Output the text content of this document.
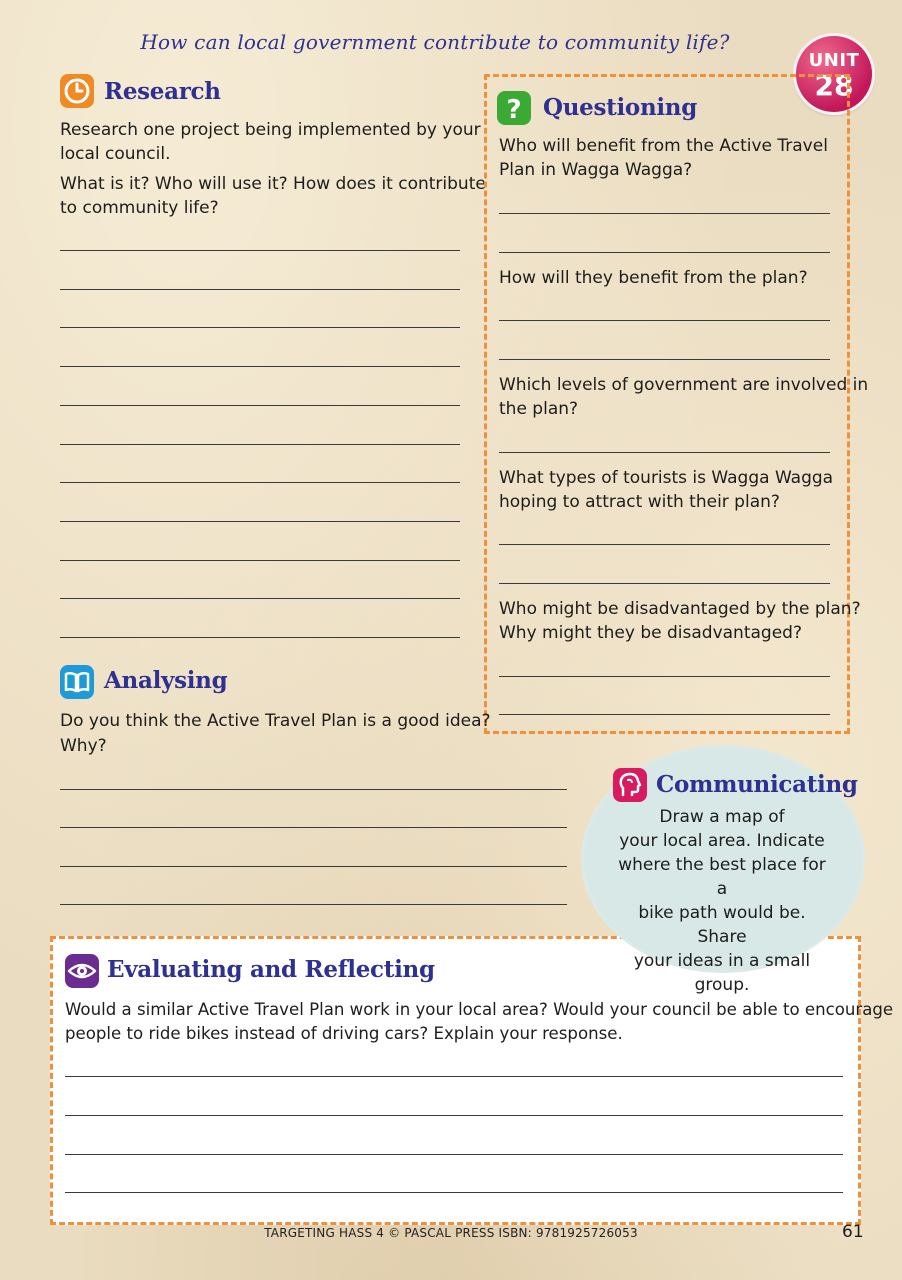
How can local government contribute to community life?
UNIT
28
Research
Research one project being implemented by your
local council.
What is it? Who will use it? How does it contribute
to community life?
? Questioning
Who will benefit from the Active Travel
Plan in Wagga Wagga?
How will they benefit from the plan?
Which levels of government are involved in
the plan?
What types of tourists is Wagga Wagga
hoping to attract with their plan?
Who might be disadvantaged by the plan?
Why might they be disadvantaged?
Analysing
Do you think the Active Travel Plan is a good idea?
Why?
Communicating
Draw a map of
your local area. Indicate
where the best place for a
bike path would be. Share
your ideas in a small
group.
Evaluating and Reflecting
Would a similar Active Travel Plan work in your local area? Would your council be able to encourage
people to ride bikes instead of driving cars? Explain your response.
TARGETING HASS 4 © PASCAL PRESS ISBN: 9781925726053	61
